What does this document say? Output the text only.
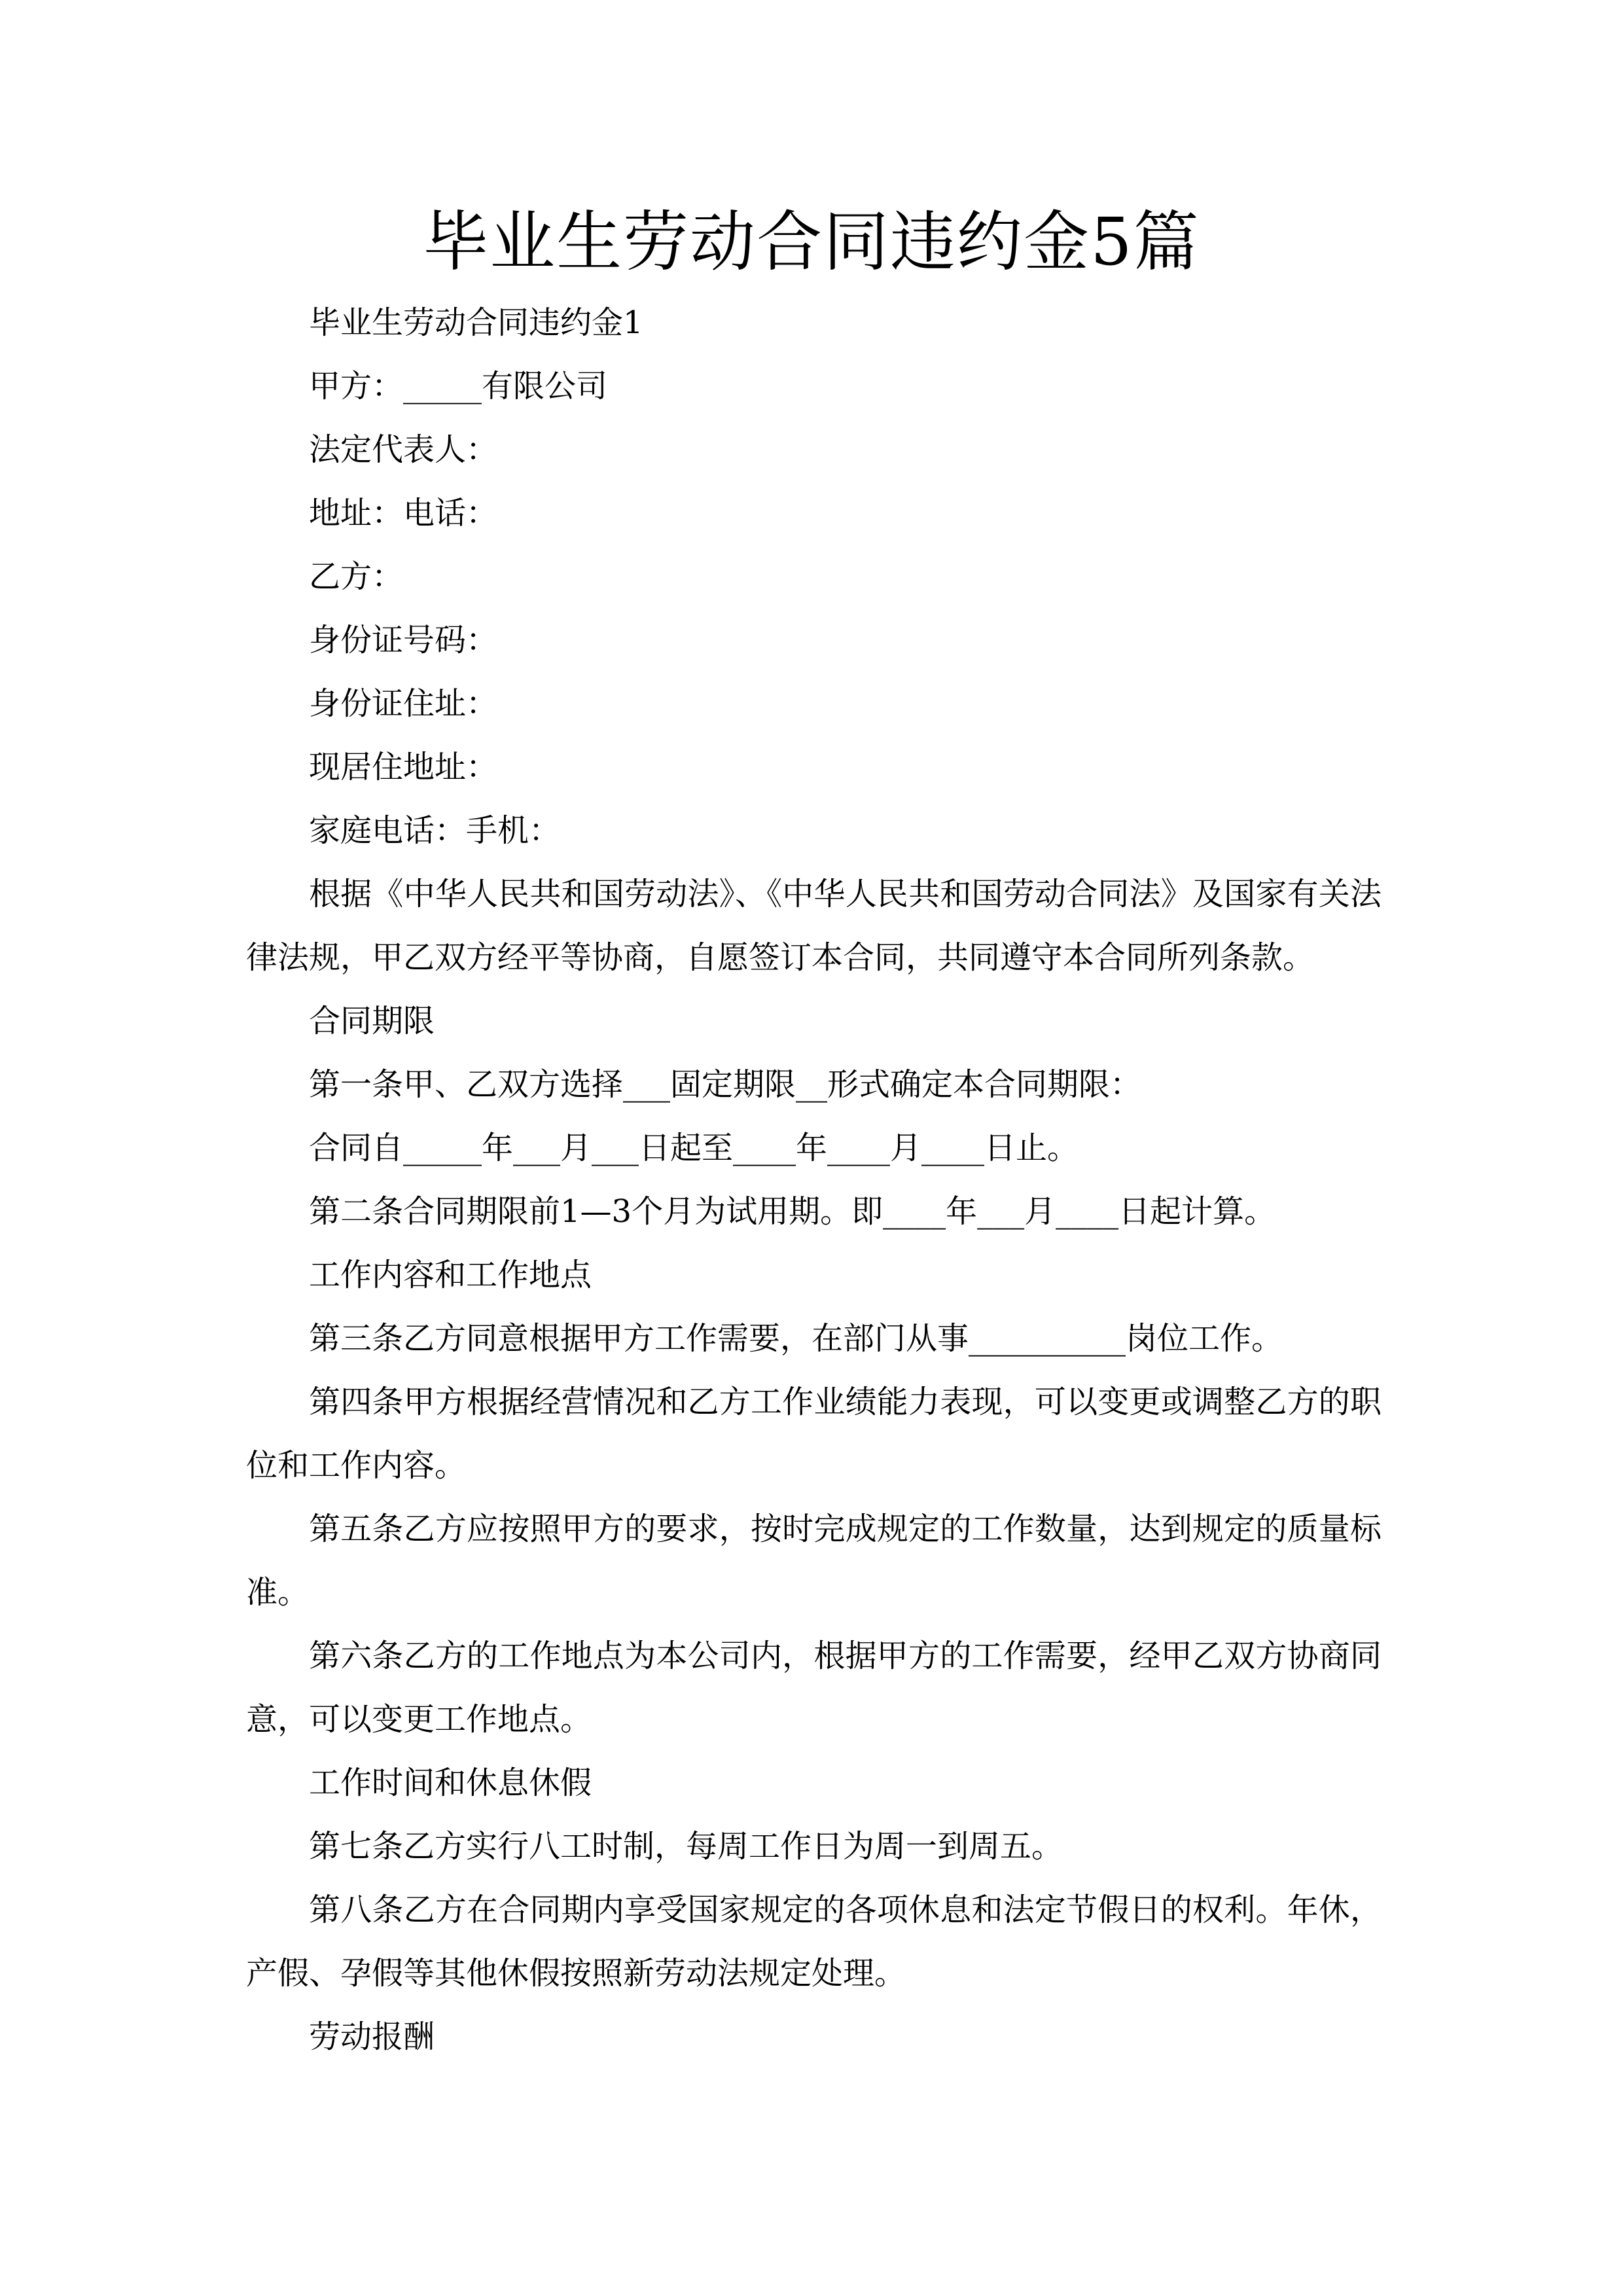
毕业生劳动合同违约金5篇

毕业生劳动合同违约金1

甲方：_____有限公司

法定代表人：

地址：电话：

乙方：

身份证号码：

身份证住址：

现居住地址：

家庭电话：手机：

根据《中华人民共和国劳动法》、《中华人民共和国劳动合同法》及国家有关法律法规，甲乙双方经平等协商，自愿签订本合同，共同遵守本合同所列条款。

合同期限

第一条甲、乙双方选择___固定期限__形式确定本合同期限：

合同自_____年___月___日起至____年____月____日止。

第二条合同期限前1—3个月为试用期。即____年___月____日起计算。

工作内容和工作地点

第三条乙方同意根据甲方工作需要，在部门从事__________岗位工作。

第四条甲方根据经营情况和乙方工作业绩能力表现，可以变更或调整乙方的职位和工作内容。

第五条乙方应按照甲方的要求，按时完成规定的工作数量，达到规定的质量标准。

第六条乙方的工作地点为本公司内，根据甲方的工作需要，经甲乙双方协商同意，可以变更工作地点。

工作时间和休息休假

第七条乙方实行八工时制，每周工作日为周一到周五。

第八条乙方在合同期内享受国家规定的各项休息和法定节假日的权利。年休，产假、孕假等其他休假按照新劳动法规定处理。

劳动报酬
